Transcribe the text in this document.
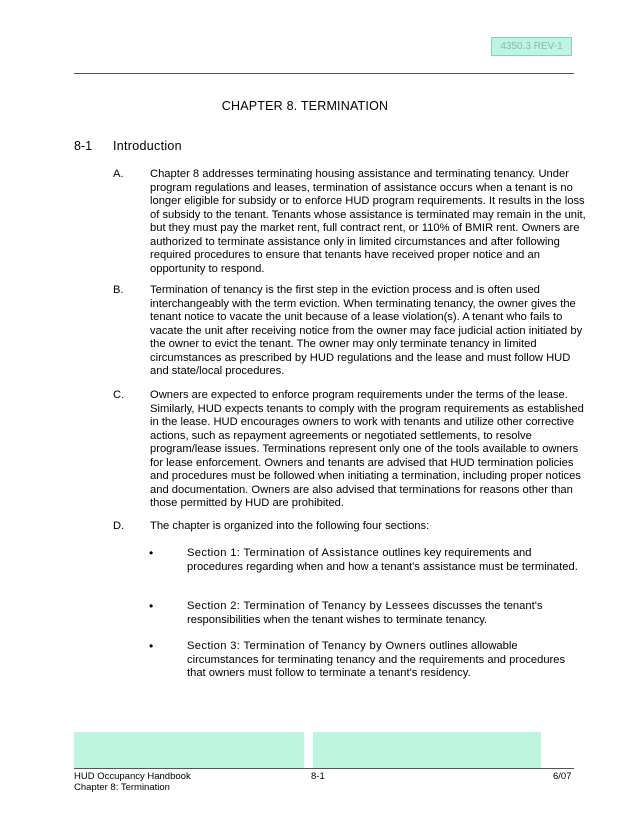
4350.3 REV-1
CHAPTER 8. TERMINATION
8-1 Introduction
A. Chapter 8 addresses terminating housing assistance and terminating tenancy. Under program regulations and leases, termination of assistance occurs when a tenant is no longer eligible for subsidy or to enforce HUD program requirements. It results in the loss of subsidy to the tenant. Tenants whose assistance is terminated may remain in the unit, but they must pay the market rent, full contract rent, or 110% of BMIR rent. Owners are authorized to terminate assistance only in limited circumstances and after following required procedures to ensure that tenants have received proper notice and an opportunity to respond.
B. Termination of tenancy is the first step in the eviction process and is often used interchangeably with the term eviction. When terminating tenancy, the owner gives the tenant notice to vacate the unit because of a lease violation(s). A tenant who fails to vacate the unit after receiving notice from the owner may face judicial action initiated by the owner to evict the tenant. The owner may only terminate tenancy in limited circumstances as prescribed by HUD regulations and the lease and must follow HUD and state/local procedures.
C. Owners are expected to enforce program requirements under the terms of the lease. Similarly, HUD expects tenants to comply with the program requirements as established in the lease. HUD encourages owners to work with tenants and utilize other corrective actions, such as repayment agreements or negotiated settlements, to resolve program/lease issues. Terminations represent only one of the tools available to owners for lease enforcement. Owners and tenants are advised that HUD termination policies and procedures must be followed when initiating a termination, including proper notices and documentation. Owners are also advised that terminations for reasons other than those permitted by HUD are prohibited.
D. The chapter is organized into the following four sections:
•	Section 1: Termination of Assistance outlines key requirements and procedures regarding when and how a tenant's assistance must be terminated.
•	Section 2: Termination of Tenancy by Lessees discusses the tenant's responsibilities when the tenant wishes to terminate tenancy.
•	Section 3: Termination of Tenancy by Owners outlines allowable circumstances for terminating tenancy and the requirements and procedures that owners must follow to terminate a tenant's residency.
HUD Occupancy Handbook
Chapter 8: Termination
8-1	6/07
